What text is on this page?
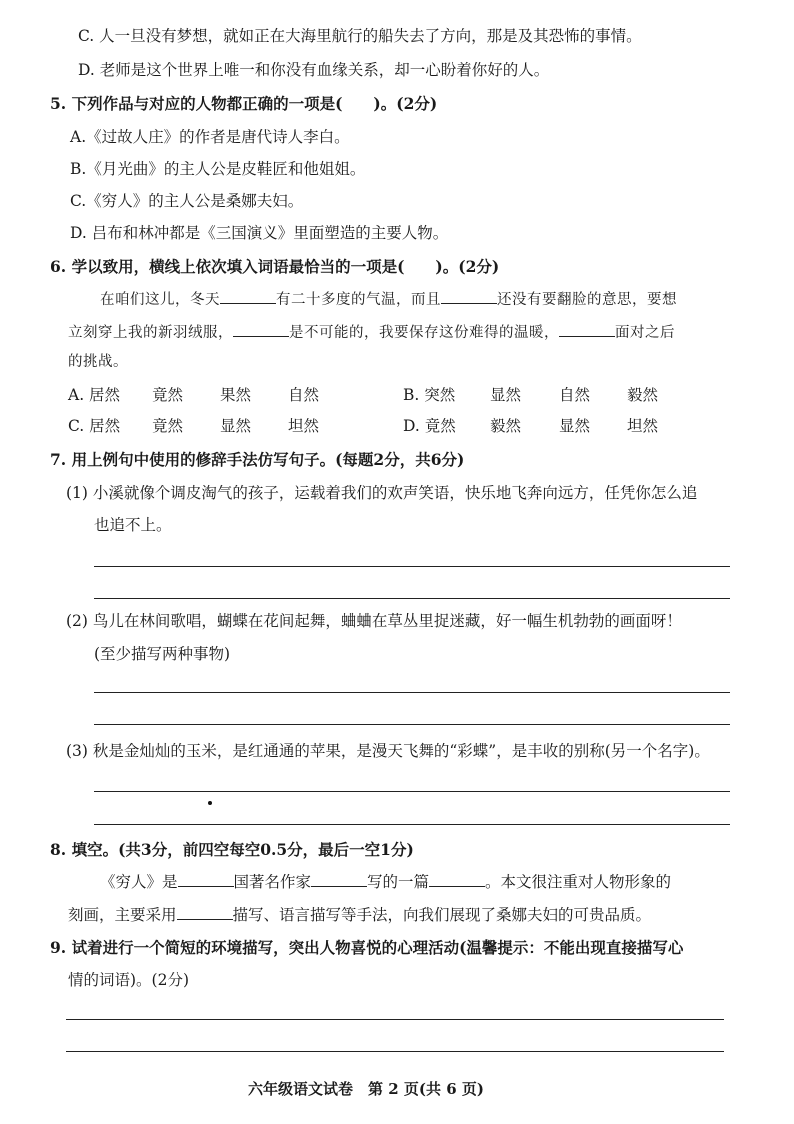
C. 人一旦没有梦想，就如正在大海里航行的船失去了方向，那是及其恐怖的事情。
D. 老师是这个世界上唯一和你没有血缘关系，却一心盼着你好的人。
5. 下列作品与对应的人物都正确的一项是(　　)。(2分)
A.《过故人庄》的作者是唐代诗人李白。
B.《月光曲》的主人公是皮鞋匠和他姐姐。
C.《穷人》的主人公是桑娜夫妇。
D. 吕布和林冲都是《三国演义》里面塑造的主要人物。
6. 学以致用，横线上依次填入词语最恰当的一项是(　　)。(2分)
在咱们这儿，冬天	有二十多度的气温，而且	还没有要翻脸的意思，要想
立刻穿上我的新羽绒服，	是不可能的，我要保存这份难得的温暖，	面对之后
的挑战。
A. 居然 竟然 果然 自然	B. 突然 显然 自然 毅然
C. 居然 竟然 显然 坦然	D. 竟然 毅然 显然 坦然
7. 用上例句中使用的修辞手法仿写句子。(每题2分，共6分)
(1) 小溪就像个调皮淘气的孩子，运载着我们的欢声笑语，快乐地飞奔向远方，任凭你怎么追
也追不上。
(2) 鸟儿在林间歌唱，蝴蝶在花间起舞，蛐蛐在草丛里捉迷藏，好一幅生机勃勃的画面呀！
(至少描写两种事物)
(3) 秋是金灿灿的玉米，是红通通的苹果，是漫天飞舞的“彩蝶”，是丰收的别称(另一个名字)。
8. 填空。(共3分，前四空每空0.5分，最后一空1分)
《穷人》是	国著名作家	写的一篇	。本文很注重对人物形象的
刻画，主要采用	描写、语言描写等手法，向我们展现了桑娜夫妇的可贵品质。
9. 试着进行一个简短的环境描写，突出人物喜悦的心理活动(温馨提示：不能出现直接描写心
情的词语)。(2分)
六年级语文试卷　第 2 页(共 6 页)
